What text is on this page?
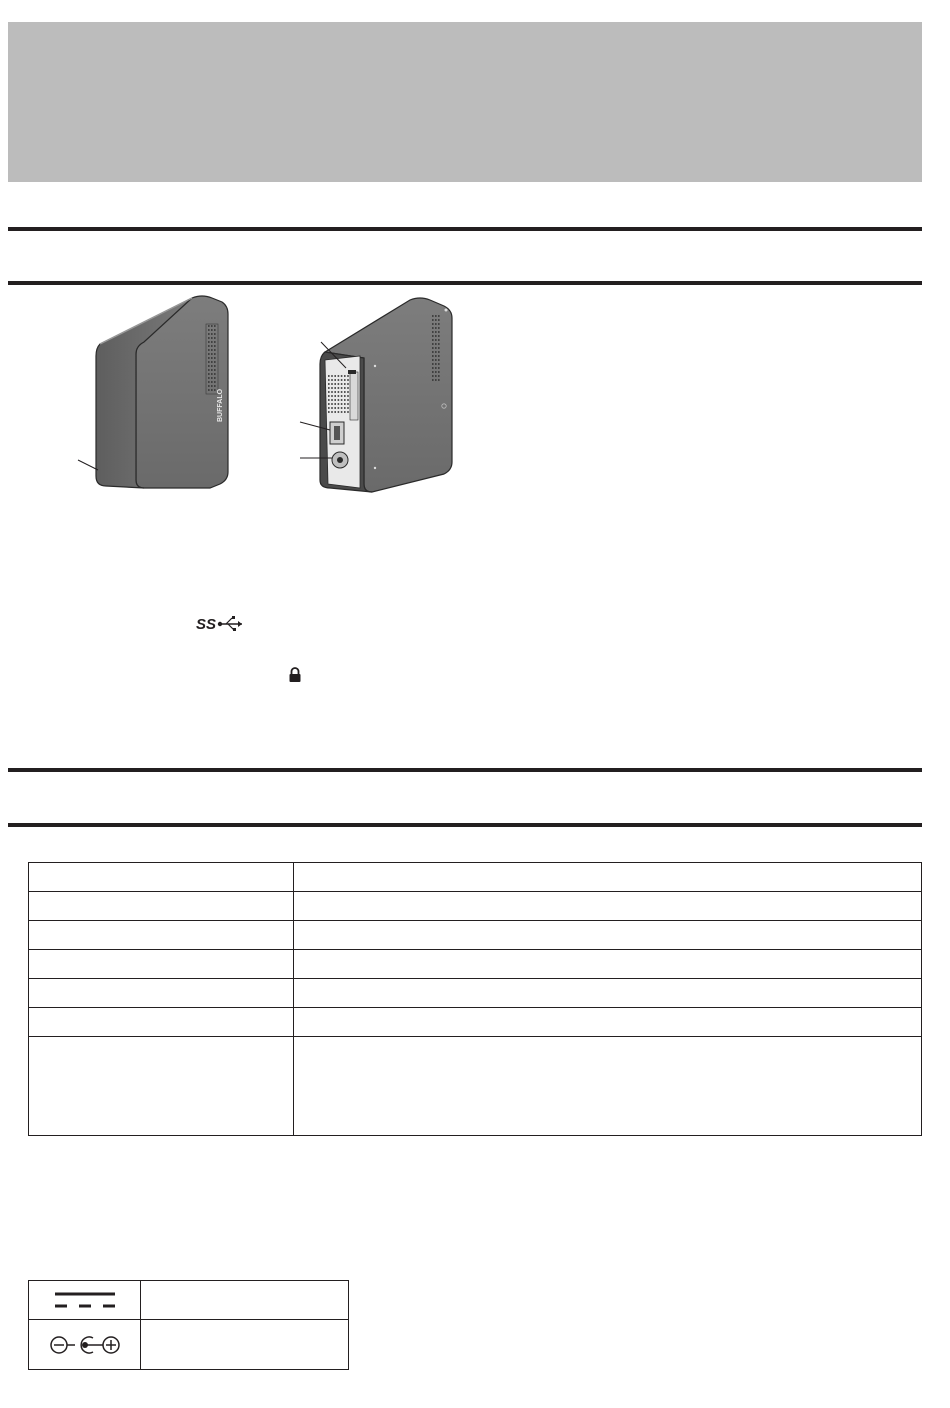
BUFFALO
SS
